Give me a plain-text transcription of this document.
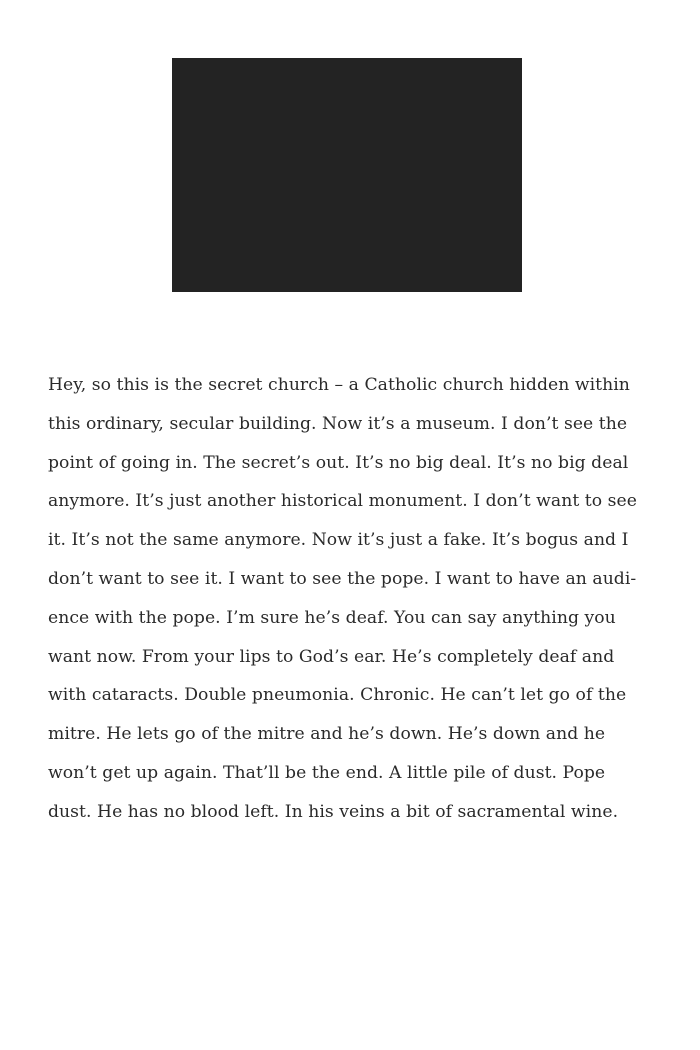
Hey, so this is the secret church – a Catholic church hidden within
this ordinary, secular building. Now it’s a museum. I don’t see the
point of going in. The secret’s out. It’s no big deal. It’s no big deal
anymore. It’s just another historical monument. I don’t want to see
it. It’s not the same anymore. Now it’s just a fake. It’s bogus and I
don’t want to see it. I want to see the pope. I want to have an audi-
ence with the pope. I’m sure he’s deaf. You can say anything you
want now. From your lips to God’s ear. He’s completely deaf and
with cataracts. Double pneumonia. Chronic. He can’t let go of the
mitre. He lets go of the mitre and he’s down. He’s down and he
won’t get up again. That’ll be the end. A little pile of dust. Pope
dust. He has no blood left. In his veins a bit of sacramental wine.
